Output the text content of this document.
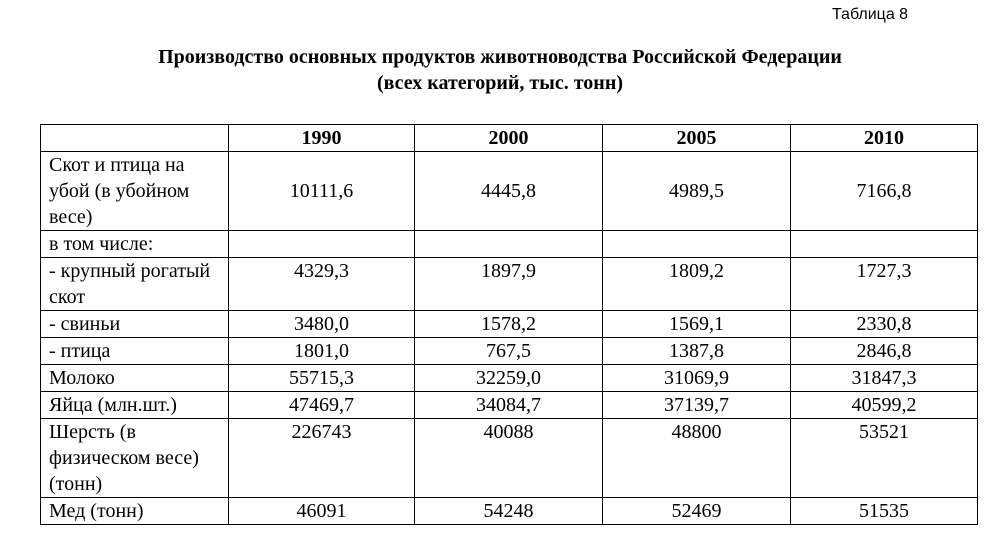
Таблица 8
Производство основных продуктов животноводства Российской Федерации
(всех категорий, тыс. тонн)
	1990	2000	2005	2010
Скот и птица на убой (в убойном весе)	10111,6	4445,8	4989,5	7166,8
в том числе:				
- крупный рогатый скот	4329,3	1897,9	1809,2	1727,3
- свиньи	3480,0	1578,2	1569,1	2330,8
- птица	1801,0	767,5	1387,8	2846,8
Молоко	55715,3	32259,0	31069,9	31847,3
Яйца (млн.шт.)	47469,7	34084,7	37139,7	40599,2
Шерсть (в физическом весе) (тонн)	226743	40088	48800	53521
Мед (тонн)	46091	54248	52469	51535
